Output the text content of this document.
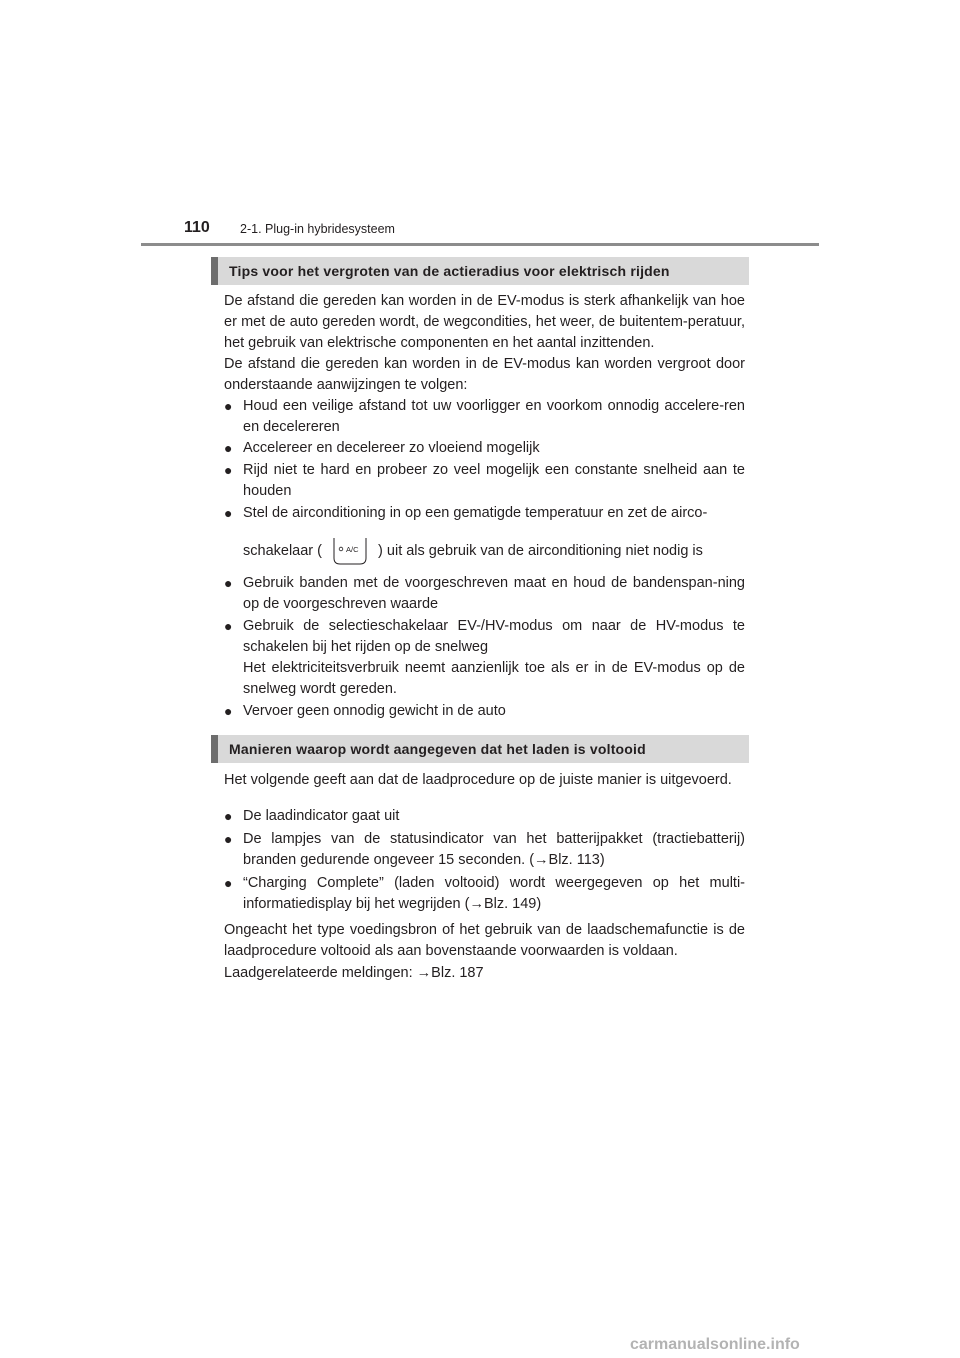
110 2-1. Plug-in hybridesysteem
Tips voor het vergroten van de actieradius voor elektrisch rijden

De afstand die gereden kan worden in de EV-modus is sterk afhankelijk van hoe er met de auto gereden wordt, de wegcondities, het weer, de buitentem-peratuur, het gebruik van elektrische componenten en het aantal inzittenden.

De afstand die gereden kan worden in de EV-modus kan worden vergroot door onderstaande aanwijzingen te volgen:

● Houd een veilige afstand tot uw voorligger en voorkom onnodig accelere-ren en decelereren
● Accelereer en decelereer zo vloeiend mogelijk
● Rijd niet te hard en probeer zo veel mogelijk een constante snelheid aan te houden
● Stel de airconditioning in op een gematigde temperatuur en zet de airco-
schakelaar (	A/C ) uit als gebruik van de airconditioning niet nodig is
● Gebruik banden met de voorgeschreven maat en houd de bandenspan-ning op de voorgeschreven waarde
● Gebruik de selectieschakelaar EV-/HV-modus om naar de HV-modus te schakelen bij het rijden op de snelweg
Het elektriciteitsverbruik neemt aanzienlijk toe als er in de EV-modus op de snelweg wordt gereden.
● Vervoer geen onnodig gewicht in de auto
Manieren waarop wordt aangegeven dat het laden is voltooid

Het volgende geeft aan dat de laadprocedure op de juiste manier is uitgevoerd.

● De laadindicator gaat uit
● De lampjes van de statusindicator van het batterijpakket (tractiebatterij) branden gedurende ongeveer 15 seconden. (→Blz. 113)
● “Charging Complete” (laden voltooid) wordt weergegeven op het multi-informatiedisplay bij het wegrijden (→Blz. 149)

Ongeacht het type voedingsbron of het gebruik van de laadschemafunctie is de laadprocedure voltooid als aan bovenstaande voorwaarden is voldaan.

Laadgerelateerde meldingen: →Blz. 187

carmanualsonline.info
